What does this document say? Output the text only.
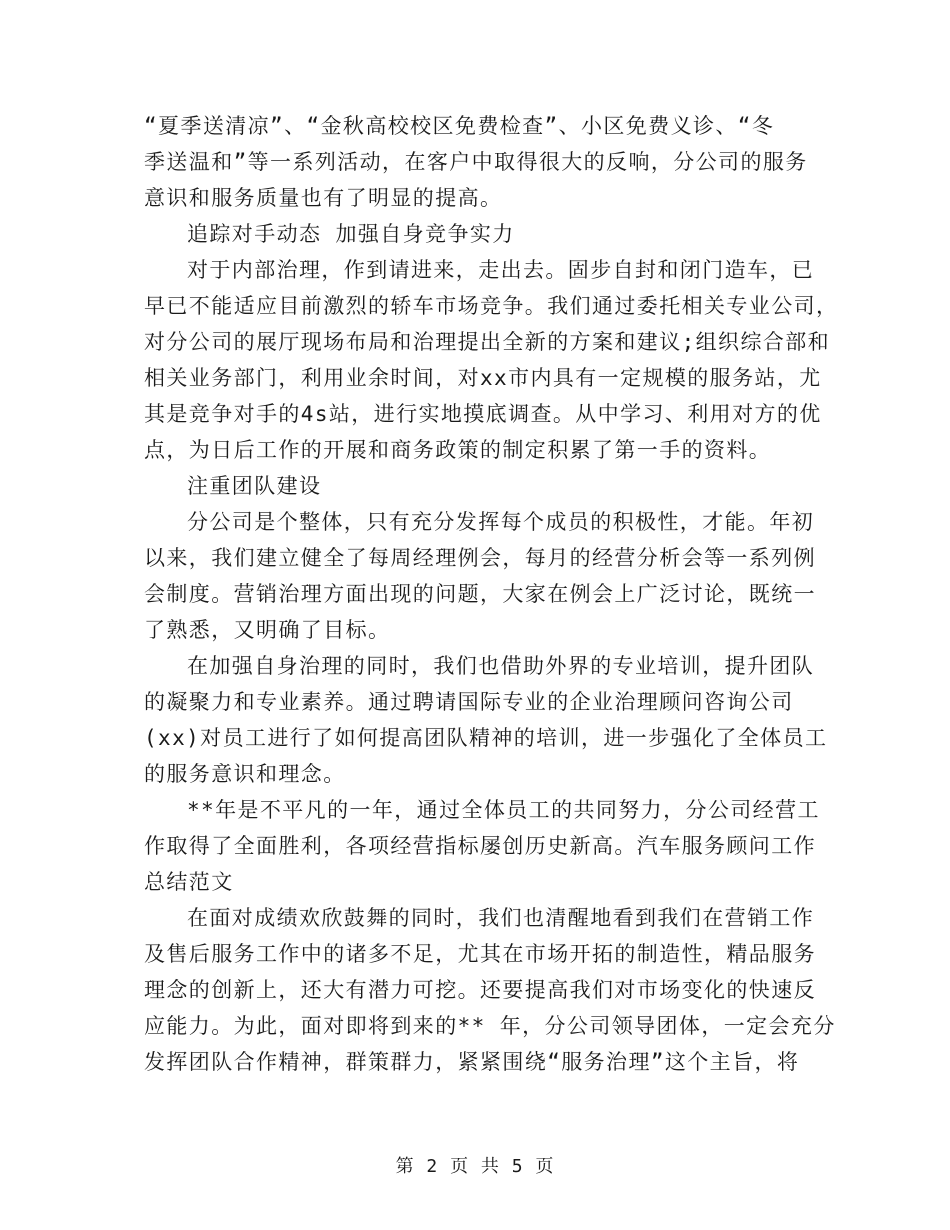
“夏季送清凉”、“金秋高校校区免费检查”、小区免费义诊、“冬
季送温和”等一系列活动，在客户中取得很大的反响，分公司的服务
意识和服务质量也有了明显的提高。
追踪对手动态 加强自身竞争实力
对于内部治理，作到请进来，走出去。固步自封和闭门造车，已
早已不能适应目前激烈的轿车市场竞争。我们通过委托相关专业公司，
对分公司的展厅现场布局和治理提出全新的方案和建议;组织综合部和
相关业务部门，利用业余时间，对xx市内具有一定规模的服务站，尤
其是竞争对手的4s站，进行实地摸底调查。从中学习、利用对方的优
点，为日后工作的开展和商务政策的制定积累了第一手的资料。
注重团队建设
分公司是个整体，只有充分发挥每个成员的积极性，才能。年初
以来，我们建立健全了每周经理例会，每月的经营分析会等一系列例
会制度。营销治理方面出现的问题，大家在例会上广泛讨论，既统一
了熟悉，又明确了目标。
在加强自身治理的同时，我们也借助外界的专业培训，提升团队
的凝聚力和专业素养。通过聘请国际专业的企业治理顾问咨询公司
(xx)对员工进行了如何提高团队精神的培训，进一步强化了全体员工
的服务意识和理念。
**年是不平凡的一年，通过全体员工的共同努力，分公司经营工
作取得了全面胜利，各项经营指标屡创历史新高。汽车服务顾问工作
总结范文
在面对成绩欢欣鼓舞的同时，我们也清醒地看到我们在营销工作
及售后服务工作中的诸多不足，尤其在市场开拓的制造性，精品服务
理念的创新上，还大有潜力可挖。还要提高我们对市场变化的快速反
应能力。为此，面对即将到来的** 年，分公司领导团体，一定会充分
发挥团队合作精神，群策群力，紧紧围绕“服务治理”这个主旨，将
第 2 页 共 5 页
